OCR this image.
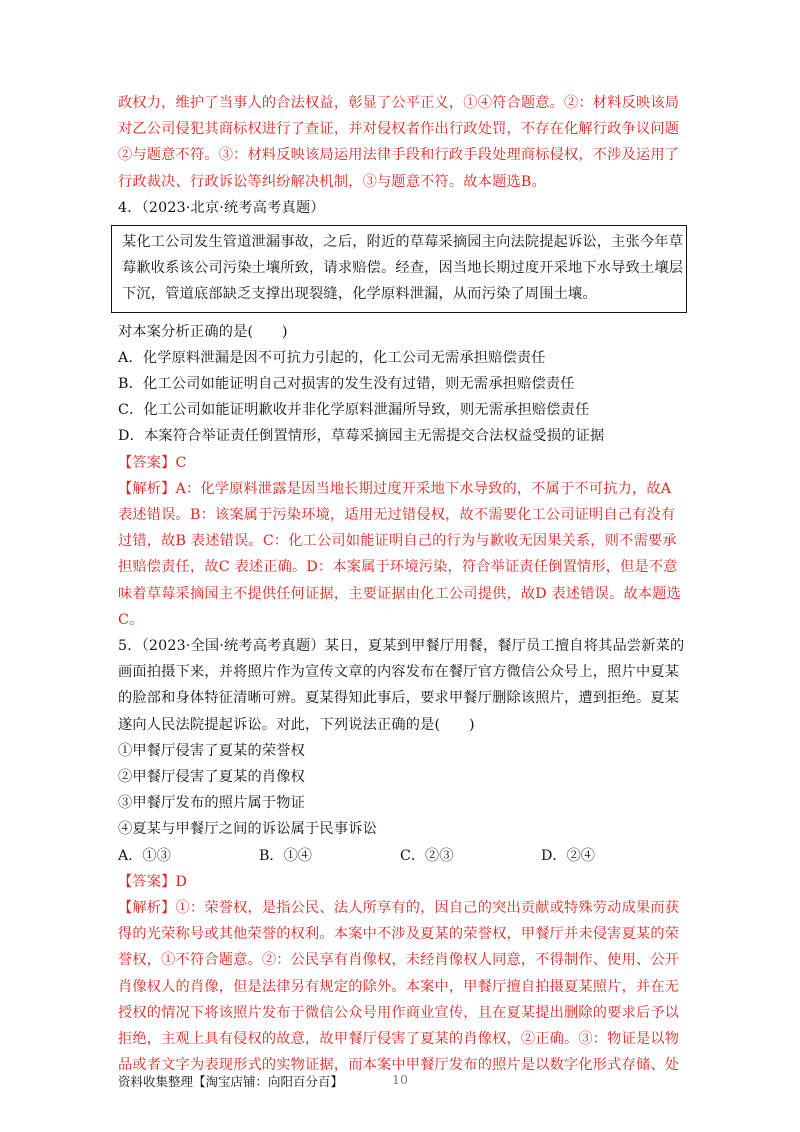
政权力，维护了当事人的合法权益，彰显了公平正义，①④符合题意。②：材料反映该局

对乙公司侵犯其商标权进行了查证，并对侵权者作出行政处罚，不存在化解行政争议问题

②与题意不符。③：材料反映该局运用法律手段和行政手段处理商标侵权，不涉及运用了

行政裁决、行政诉讼等纠纷解决机制，③与题意不符。故本题选B。

4．（2023·北京·统考高考真题）

某化工公司发生管道泄漏事故，之后，附近的草莓采摘园主向法院提起诉讼，主张今年草

莓歉收系该公司污染土壤所致，请求赔偿。经查，因当地长期过度开采地下水导致土壤层

下沉，管道底部缺乏支撑出现裂缝，化学原料泄漏，从而污染了周围土壤。

对本案分析正确的是(　　)

A．化学原料泄漏是因不可抗力引起的，化工公司无需承担赔偿责任

B．化工公司如能证明自己对损害的发生没有过错，则无需承担赔偿责任

C．化工公司如能证明歉收并非化学原料泄漏所导致，则无需承担赔偿责任

D．本案符合举证责任倒置情形，草莓采摘园主无需提交合法权益受损的证据

【答案】C

【解析】A：化学原料泄露是因当地长期过度开采地下水导致的，不属于不可抗力，故A

表述错误。B：该案属于污染环境，适用无过错侵权，故不需要化工公司证明自己有没有

过错，故B 表述错误。C：化工公司如能证明自己的行为与歉收无因果关系，则不需要承

担赔偿责任，故C 表述正确。D：本案属于环境污染，符合举证责任倒置情形，但是不意

味着草莓采摘园主不提供任何证据，主要证据由化工公司提供，故D 表述错误。故本题选

C。

5．（2023·全国·统考高考真题）某日，夏某到甲餐厅用餐，餐厅员工擅自将其品尝新菜的

画面拍摄下来，并将照片作为宣传文章的内容发布在餐厅官方微信公众号上，照片中夏某

的脸部和身体特征清晰可辨。夏某得知此事后，要求甲餐厅删除该照片，遭到拒绝。夏某

遂向人民法院提起诉讼。对此，下列说法正确的是(　　)

①甲餐厅侵害了夏某的荣誉权

②甲餐厅侵害了夏某的肖像权

③甲餐厅发布的照片属于物证

④夏某与甲餐厅之间的诉讼属于民事诉讼

A．①③	B．①④	C．②③	D．②④

【答案】D

【解析】①：荣誉权，是指公民、法人所享有的，因自己的突出贡献或特殊劳动成果而获

得的光荣称号或其他荣誉的权利。本案中不涉及夏某的荣誉权，甲餐厅并未侵害夏某的荣

誉权，①不符合题意。②：公民享有肖像权，未经肖像权人同意，不得制作、使用、公开

肖像权人的肖像，但是法律另有规定的除外。本案中，甲餐厅擅自拍摄夏某照片，并在无

授权的情况下将该照片发布于微信公众号用作商业宣传，且在夏某提出删除的要求后予以

拒绝，主观上具有侵权的故意，故甲餐厅侵害了夏某的肖像权，②正确。③：物证是以物

品或者文字为表现形式的实物证据，而本案中甲餐厅发布的照片是以数字化形式存储、处

资料收集整理【淘宝店铺：向阳百分百】	10
